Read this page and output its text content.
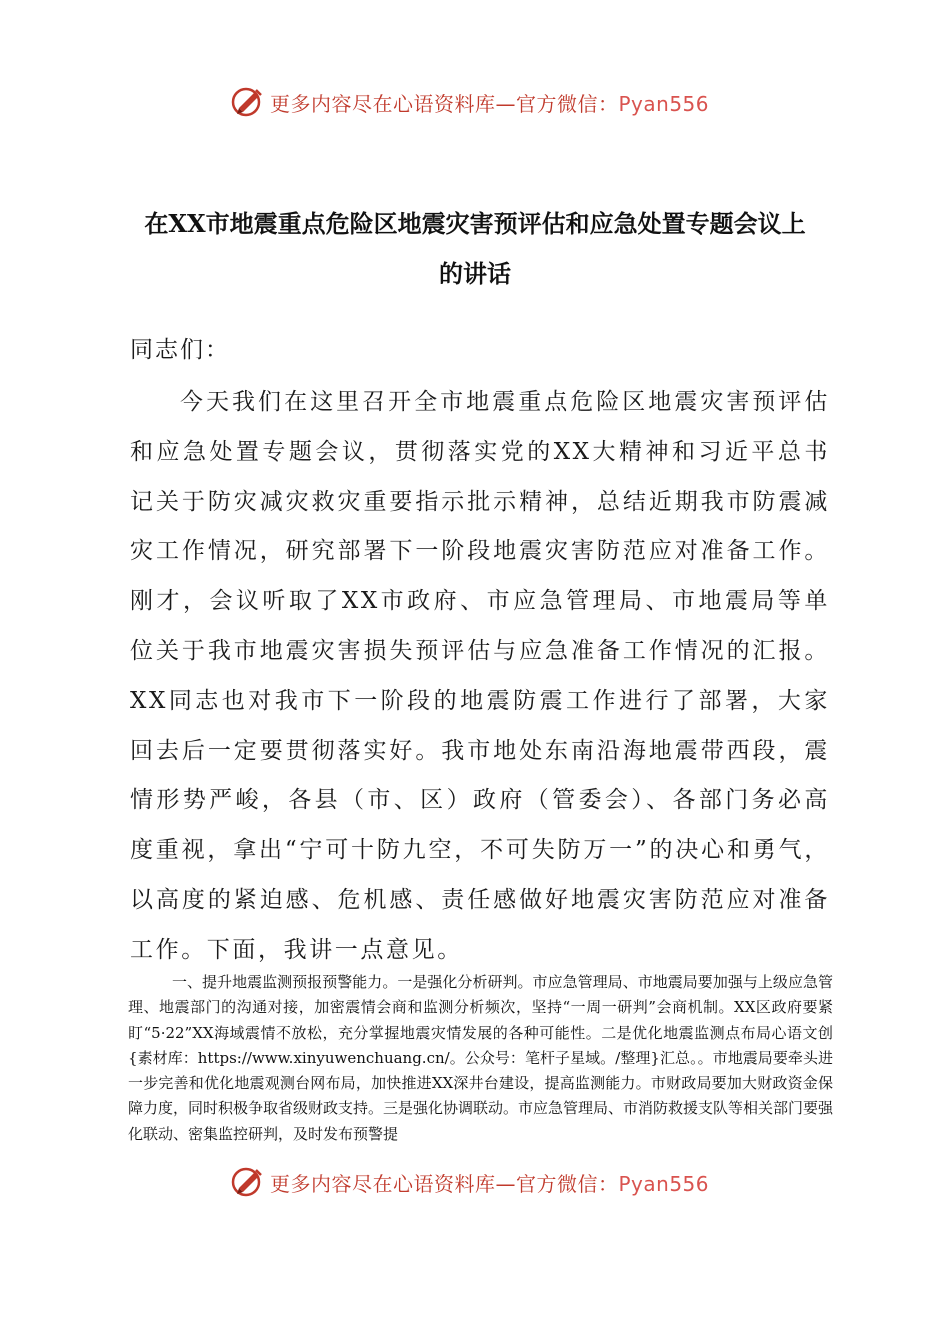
更多内容尽在心语资料库—官方微信：Pyan556
在XX市地震重点危险区地震灾害预评估和应急处置专题会议上
的讲话
同志们：
今天我们在这里召开全市地震重点危险区地震灾害预评估和应急处置专题会议，贯彻落实党的XX大精神和习近平总书记关于防灾减灾救灾重要指示批示精神，总结近期我市防震减灾工作情况，研究部署下一阶段地震灾害防范应对准备工作。刚才，会议听取了XX市政府、市应急管理局、市地震局等单位关于我市地震灾害损失预评估与应急准备工作情况的汇报。XX同志也对我市下一阶段的地震防震工作进行了部署，大家回去后一定要贯彻落实好。我市地处东南沿海地震带西段，震情形势严峻，各县（市、区）政府（管委会）、各部门务必高度重视，拿出“宁可十防九空，不可失防万一”的决心和勇气，以高度的紧迫感、危机感、责任感做好地震灾害防范应对准备工作。下面，我讲一点意见。
一、提升地震监测预报预警能力。一是强化分析研判。市应急管理局、市地震局要加强与上级应急管理、地震部门的沟通对接，加密震情会商和监测分析频次，坚持“一周一研判”会商机制。XX区政府要紧盯“5·22”XX海域震情不放松，充分掌握地震灾情发展的各种可能性。二是优化地震监测点布局心语文创{素材库：https://www.xinyuwenchuang.cn/。公众号：笔杆子星域。/整理}汇总。。市地震局要牵头进一步完善和优化地震观测台网布局，加快推进XX深井台建设，提高监测能力。市财政局要加大财政资金保障力度，同时积极争取省级财政支持。三是强化协调联动。市应急管理局、市消防救援支队等相关部门要强化联动、密集监控研判，及时发布预警提
更多内容尽在心语资料库—官方微信：Pyan556
